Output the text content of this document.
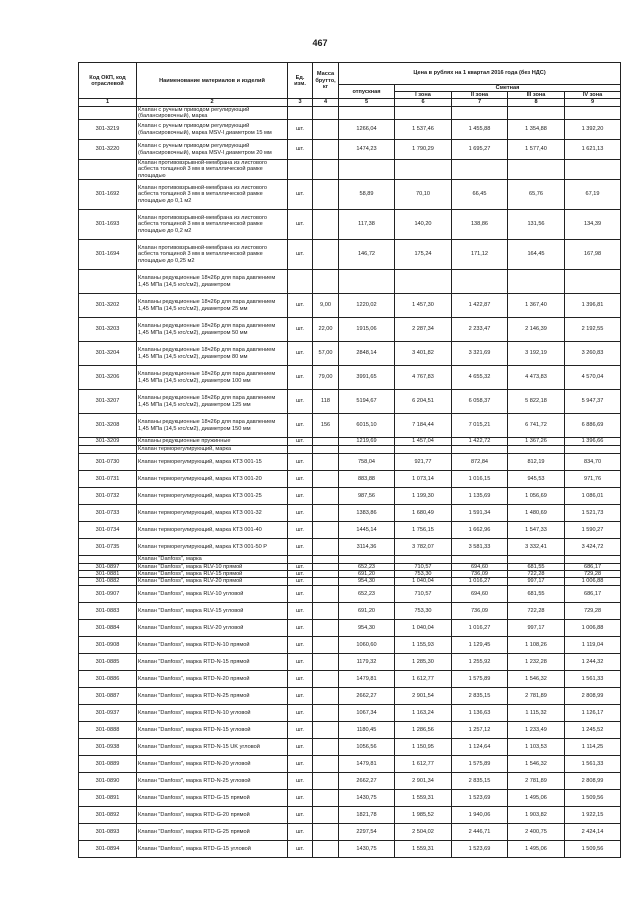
467
Код ОКП, код отраслевой	Наименование материалов и изделий	Ед. изм.	Масса брутто, кг	Цена в рублях на 1 квартал 2016 года (без НДС)				
				отпускная	Сметная			
					I зона	II зона	III зона	IV зона
1	2	3	4	5	6	7	8	9
	Клапан с ручным приводом регулирующий (балансировочный), марка							
301-3219	Клапан с ручным приводом регулирующий (балансировочный), марка MSV-I диаметром 15 мм	шт.		1266,04	1 537,46	1 455,88	1 354,88	1 392,20
301-3220	Клапан с ручным приводом регулирующий (балансировочный), марка MSV-I диаметром 20 мм	шт.		1474,23	1 790,29	1 695,27	1 577,40	1 621,13
	Клапан противовзрывной-мембрана из листового асбеста толщиной 3 мм в металлической рамке площадью							
301-1692	Клапан противовзрывной-мембрана из листового асбеста толщиной 3 мм в металлической рамке площадью до 0,1 м2	шт.		58,89	70,10	66,45	65,76	67,19
301-1693	Клапан противовзрывной-мембрана из листового асбеста толщиной 3 мм в металлической рамке площадью до 0,2 м2	шт.		117,38	140,20	138,86	131,56	134,39
301-1694	Клапан противовзрывной-мембрана из листового асбеста толщиной 3 мм в металлической рамке площадью до 0,25 м2	шт.		146,72	175,24	171,12	164,45	167,98
	Клапаны редукционные 18ч26р для пара давлением 1,45 МПа (14,5 кгс/см2), диаметром							
301-3202	Клапаны редукционные 18ч26р для пара давлением 1,45 МПа (14,5 кгс/см2), диаметром 25 мм	шт.	9,00	1220,02	1 457,30	1 422,87	1 367,40	1 396,81
301-3203	Клапаны редукционные 18ч26р для пара давлением 1,45 МПа (14,5 кгс/см2), диаметром 50 мм	шт.	22,00	1915,06	2 287,34	2 233,47	2 146,39	2 192,55
301-3204	Клапаны редукционные 18ч26р для пара давлением 1,45 МПа (14,5 кгс/см2), диаметром 80 мм	шт.	57,00	2848,14	3 401,82	3 321,69	3 192,19	3 260,83
301-3206	Клапаны редукционные 18ч26р для пара давлением 1,45 МПа (14,5 кгс/см2), диаметром 100 мм	шт.	79,00	3991,65	4 767,83	4 655,32	4 473,83	4 570,04
301-3207	Клапаны редукционные 18ч26р для пара давлением 1,45 МПа (14,5 кгс/см2), диаметром 125 мм	шт.	118	5194,67	6 204,51	6 058,37	5 822,18	5 947,37
301-3208	Клапаны редукционные 18ч26р для пара давлением 1,45 МПа (14,5 кгс/см2), диаметром 150 мм	шт.	156	6015,10	7 184,44	7 015,21	6 741,72	6 886,69
301-3209	Клапаны редукционные пружинные	шт.		1219,69	1 457,04	1 422,72	1 367,26	1 396,66
	Клапан терморегулирующий, марка							
301-0730	Клапан терморегулирующий, марка КТЗ 001-15	шт.		758,04	921,77	872,84	812,19	834,70
301-0731	Клапан терморегулирующий, марка КТЗ 001-20	шт.		883,88	1 073,14	1 016,15	945,53	971,76
301-0732	Клапан терморегулирующий, марка КТЗ 001-25	шт.		987,56	1 199,30	1 135,69	1 056,69	1 086,01
301-0733	Клапан терморегулирующий, марка КТЗ 001-32	шт.		1383,86	1 680,49	1 591,34	1 480,69	1 521,73
301-0734	Клапан терморегулирующий, марка КТЗ 001-40	шт.		1445,14	1 756,15	1 662,96	1 547,33	1 590,27
301-0735	Клапан терморегулирующий, марка КТЗ 001-50 Р	шт.		3114,36	3 782,07	3 581,33	3 332,41	3 424,72
	Клапан "Danfoss", марка							
301-0897	Клапан "Danfoss", марка RLV-10 прямой	шт.		652,23	710,57	694,60	681,55	686,17
301-0881	Клапан "Danfoss", марка RLV-15 прямой	шт.		691,20	753,30	736,09	722,28	729,28
301-0882	Клапан "Danfoss", марка RLV-20 прямой	шт.		954,30	1 040,04	1 016,27	997,17	1 006,88
301-0907	Клапан "Danfoss", марка RLV-10 угловой	шт.		652,23	710,57	694,60	681,55	686,17
301-0883	Клапан "Danfoss", марка RLV-15 угловой	шт.		691,20	753,30	736,09	722,28	729,28
301-0884	Клапан "Danfoss", марка RLV-20 угловой	шт.		954,30	1 040,04	1 016,27	997,17	1 006,88
301-0908	Клапан "Danfoss", марка RTD-N-10 прямой	шт.		1060,60	1 155,93	1 129,45	1 108,26	1 119,04
301-0885	Клапан "Danfoss", марка RTD-N-15 прямой	шт.		1179,32	1 285,30	1 255,92	1 232,28	1 244,32
301-0886	Клапан "Danfoss", марка RTD-N-20 прямой	шт.		1479,81	1 612,77	1 575,89	1 546,32	1 561,33
301-0887	Клапан "Danfoss", марка RTD-N-25 прямой	шт.		2662,27	2 901,54	2 835,15	2 781,89	2 808,99
301-0937	Клапан "Danfoss", марка RTD-N-10 угловой	шт.		1067,34	1 163,24	1 136,63	1 115,32	1 126,17
301-0888	Клапан "Danfoss", марка RTD-N-15 угловой	шт.		1180,45	1 286,56	1 257,12	1 233,49	1 245,52
301-0938	Клапан "Danfoss", марка RTD-N-15 UK угловой	шт.		1056,56	1 150,95	1 124,64	1 103,53	1 114,25
301-0889	Клапан "Danfoss", марка RTD-N-20 угловой	шт.		1479,81	1 612,77	1 575,89	1 546,32	1 561,33
301-0890	Клапан "Danfoss", марка RTD-N-25 угловой	шт.		2662,27	2 901,34	2 835,15	2 781,89	2 808,99
301-0891	Клапан "Danfoss", марка RTD-G-15 прямой	шт.		1430,75	1 559,31	1 523,69	1 495,06	1 509,56
301-0892	Клапан "Danfoss", марка RTD-G-20 прямой	шт.		1821,78	1 985,52	1 940,06	1 903,82	1 922,15
301-0893	Клапан "Danfoss", марка RTD-G-25 прямой	шт.		2297,54	2 504,02	2 446,71	2 400,75	2 424,14
301-0894	Клапан "Danfoss", марка RTD-G-15 угловой	шт.		1430,75	1 559,31	1 523,69	1 495,06	1 509,56
